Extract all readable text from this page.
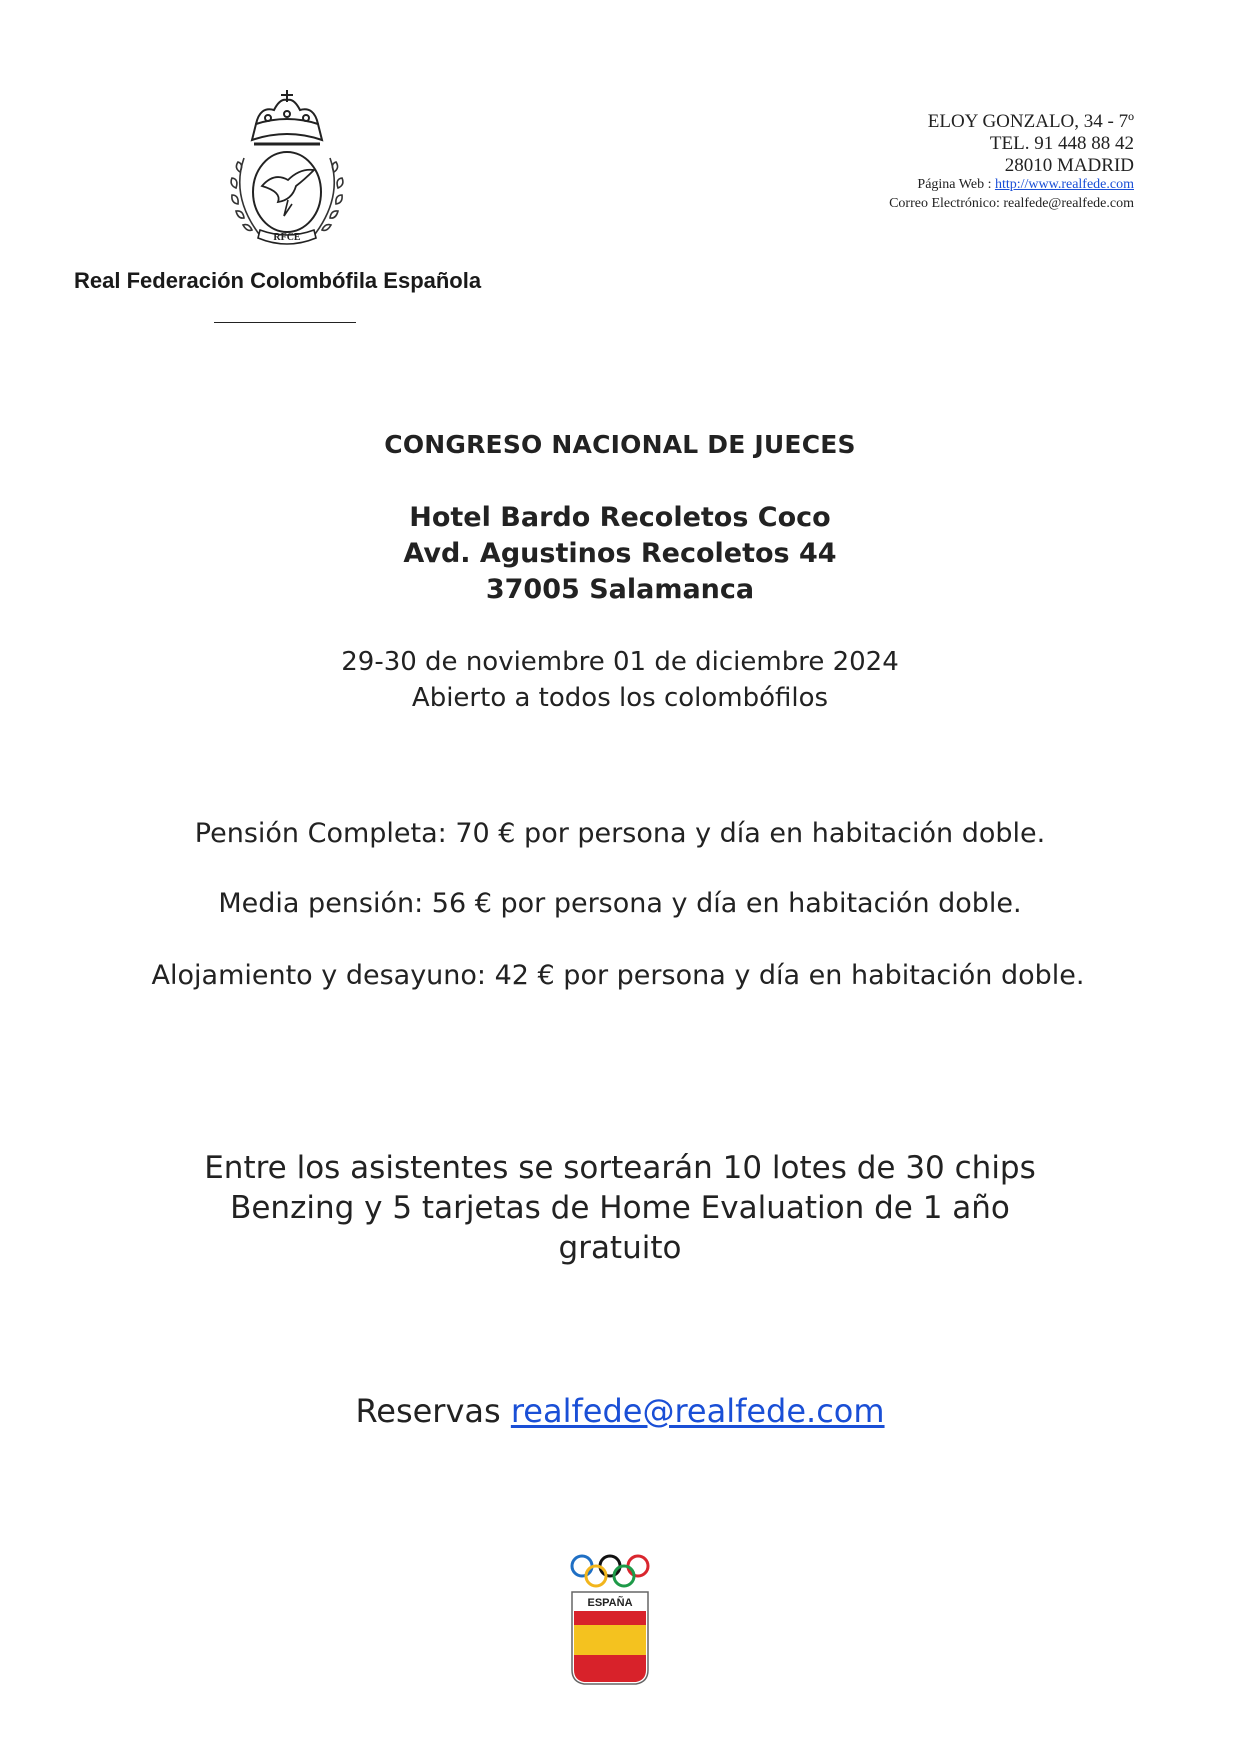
RFCE
Real Federación Colombófila Española
ELOY GONZALO, 34 - 7º
TEL. 91 448 88 42
28010 MADRID
Página Web : http://www.realfede.com
Correo Electrónico: realfede@realfede.com
CONGRESO NACIONAL DE JUECES
Hotel Bardo Recoletos Coco
Avd. Agustinos Recoletos 44
37005 Salamanca
29-30 de noviembre 01 de diciembre 2024
Abierto a todos los colombófilos
Pensión Completa: 70 € por persona y día en habitación doble.
Media pensión: 56 € por persona y día en habitación doble.
Alojamiento y desayuno: 42 € por persona y día en habitación doble.
Entre los asistentes se sortearán 10 lotes de 30 chips Benzing y 5 tarjetas de Home Evaluation de 1 año gratuito
Reservas realfede@realfede.com
ESPAÑA
